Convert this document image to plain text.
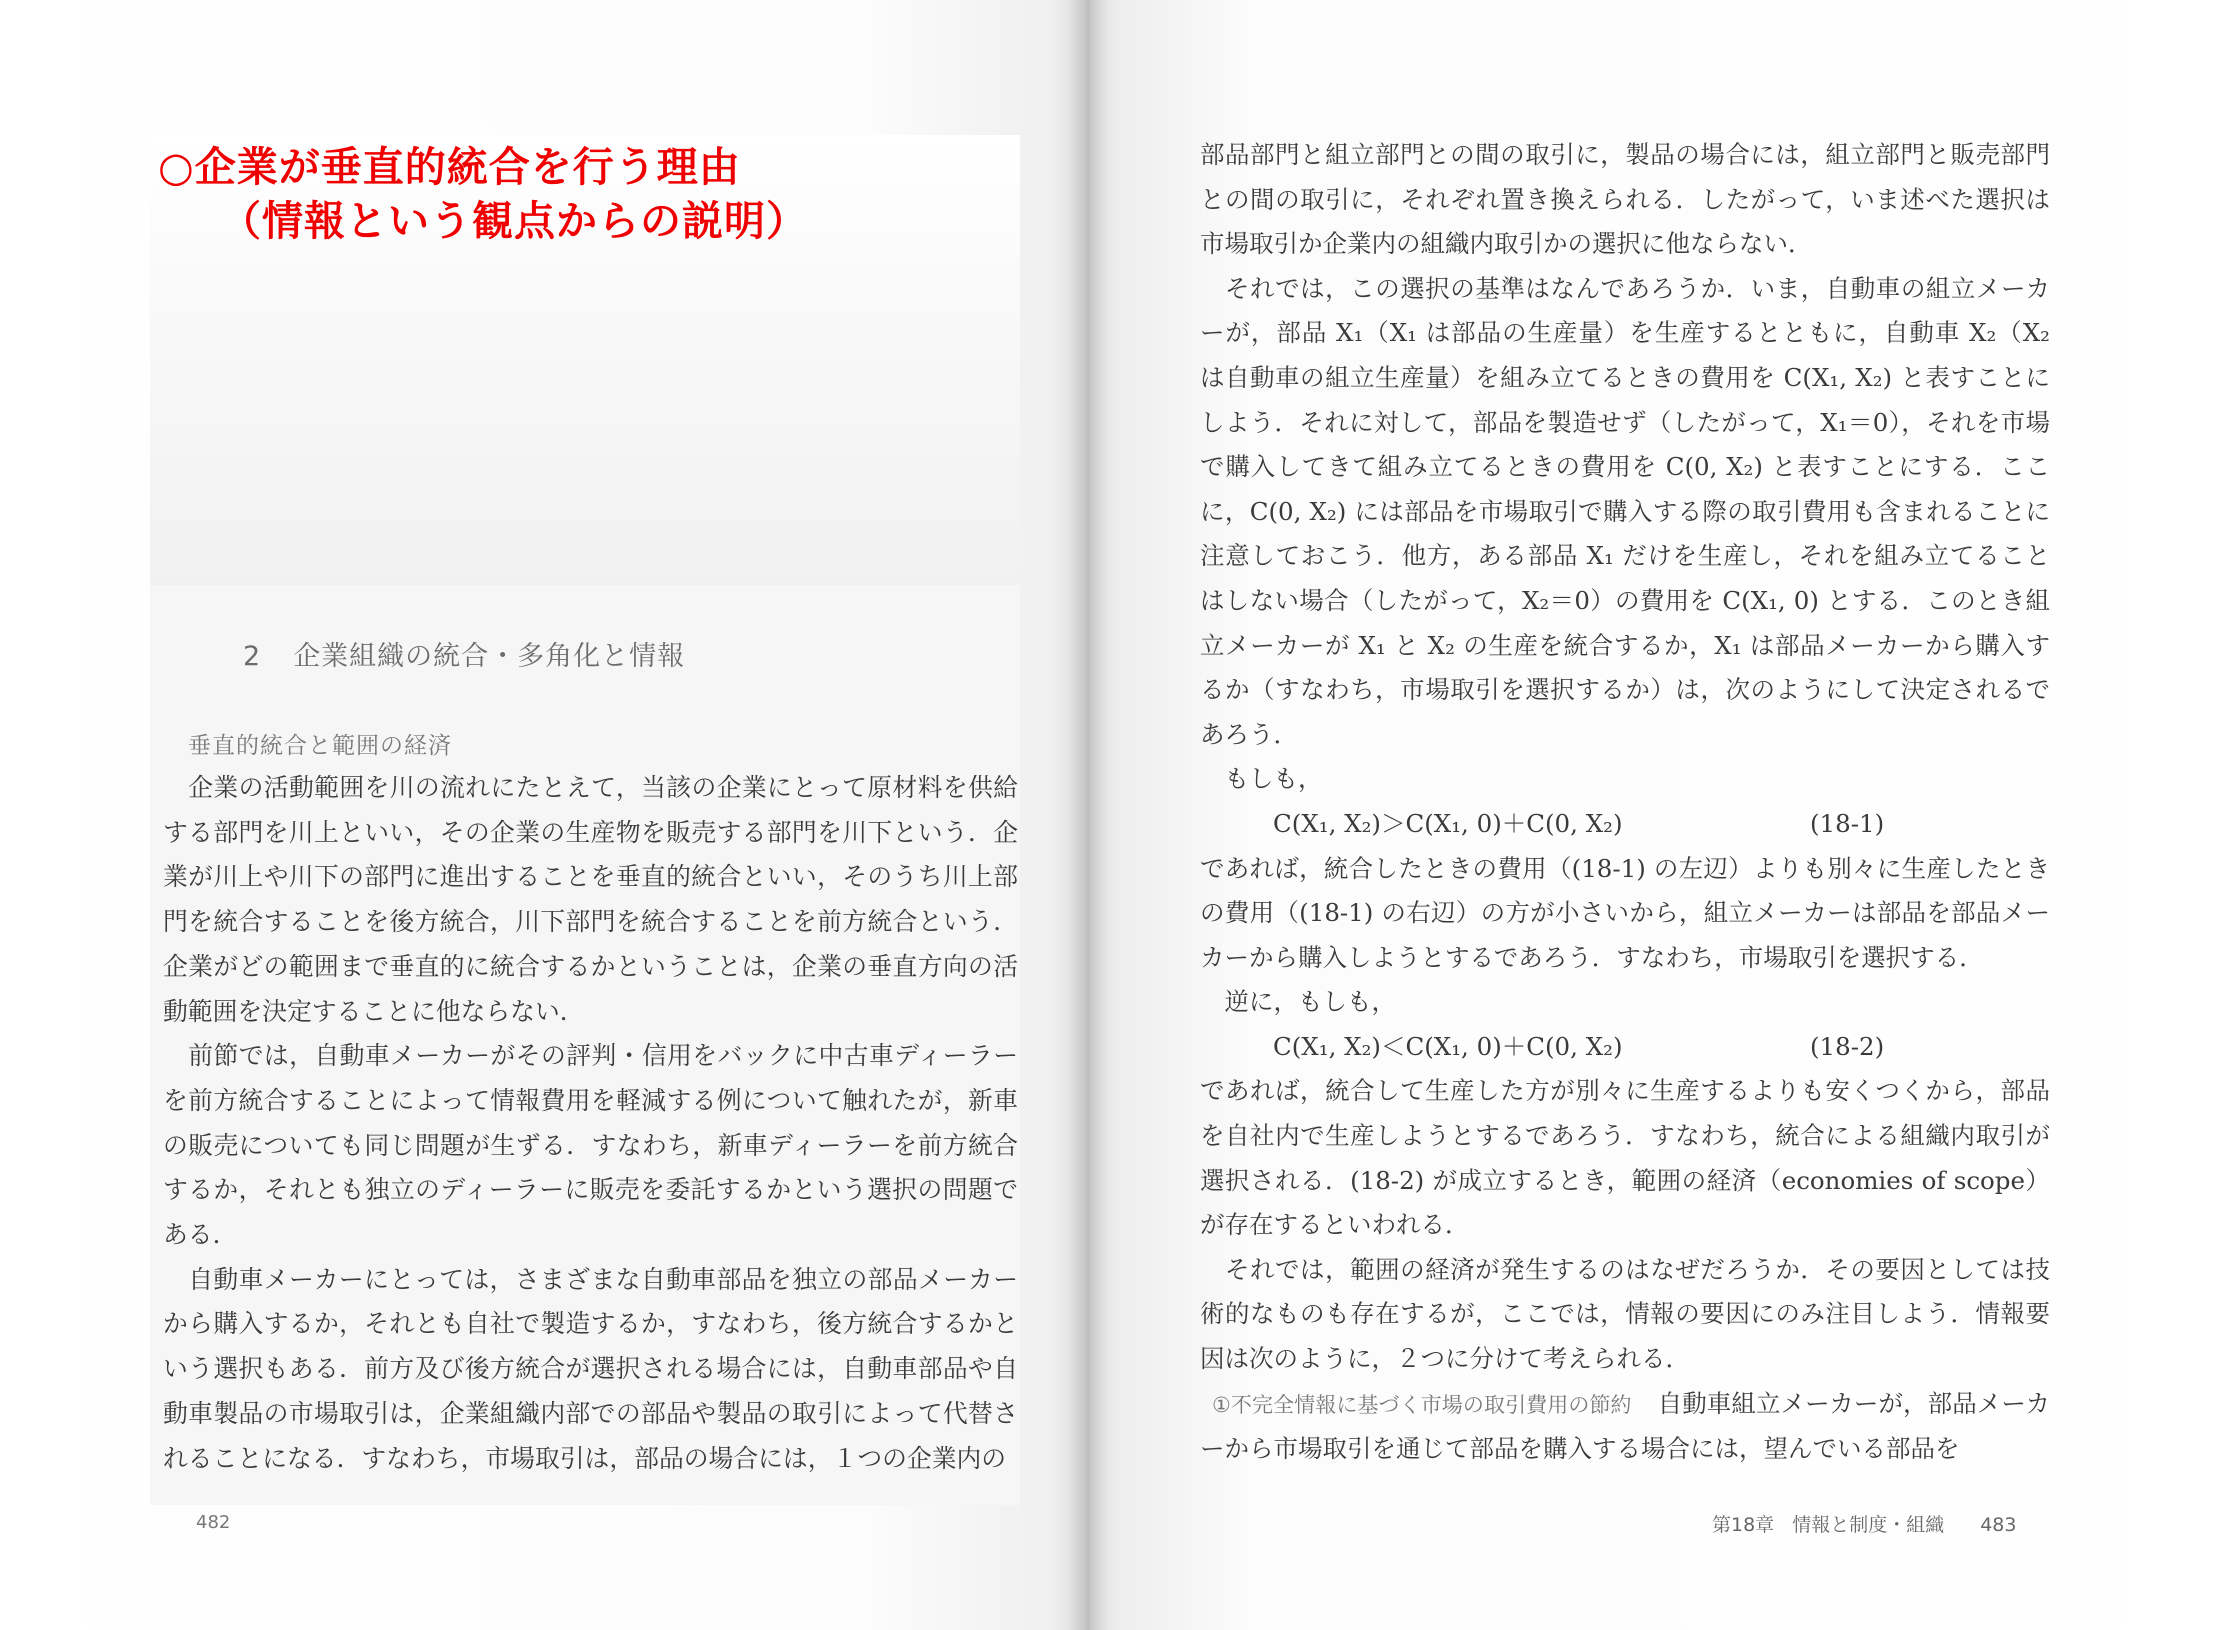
○企業が垂直的統合を行う理由
（情報という観点からの説明）
2 企業組織の統合・多角化と情報
垂直的統合と範囲の経済

　企業の活動範囲を川の流れにたとえて，当該の企業にとって原材料を供給する部門を川上といい，その企業の生産物を販売する部門を川下という．企業が川上や川下の部門に進出することを垂直的統合といい，そのうち川上部門を統合することを後方統合，川下部門を統合することを前方統合という．企業がどの範囲まで垂直的に統合するかということは，企業の垂直方向の活動範囲を決定することに他ならない．

　前節では，自動車メーカーがその評判・信用をバックに中古車ディーラーを前方統合することによって情報費用を軽減する例について触れたが，新車の販売についても同じ問題が生ずる．すなわち，新車ディーラーを前方統合するか，それとも独立のディーラーに販売を委託するかという選択の問題である．

　自動車メーカーにとっては，さまざまな自動車部品を独立の部品メーカーから購入するか，それとも自社で製造するか，すなわち，後方統合するかという選択もある．前方及び後方統合が選択される場合には，自動車部品や自動車製品の市場取引は，企業組織内部での部品や製品の取引によって代替されることになる．すなわち，市場取引は，部品の場合には，１つの企業内の

482

部品部門と組立部門との間の取引に，製品の場合には，組立部門と販売部門との間の取引に，それぞれ置き換えられる．したがって，いま述べた選択は市場取引か企業内の組織内取引かの選択に他ならない．

　それでは，この選択の基準はなんであろうか．いま，自動車の組立メーカーが，部品 X₁（X₁ は部品の生産量）を生産するとともに，自動車 X₂（X₂ は自動車の組立生産量）を組み立てるときの費用を C(X₁, X₂) と表すことにしよう．それに対して，部品を製造せず（したがって，X₁＝0），それを市場で購入してきて組み立てるときの費用を C(0, X₂) と表すことにする．ここに，C(0, X₂) には部品を市場取引で購入する際の取引費用も含まれることに注意しておこう．他方，ある部品 X₁ だけを生産し，それを組み立てることはしない場合（したがって，X₂＝0）の費用を C(X₁, 0) とする．このとき組立メーカーが X₁ と X₂ の生産を統合するか，X₁ は部品メーカーから購入するか（すなわち，市場取引を選択するか）は，次のようにして決定されるであろう．

　もしも，

C(X₁, X₂)＞C(X₁, 0)＋C(0, X₂)	(18-1)

であれば，統合したときの費用（(18-1) の左辺）よりも別々に生産したときの費用（(18-1) の右辺）の方が小さいから，組立メーカーは部品を部品メーカーから購入しようとするであろう．すなわち，市場取引を選択する．

　逆に，もしも，

C(X₁, X₂)＜C(X₁, 0)＋C(0, X₂)	(18-2)

であれば，統合して生産した方が別々に生産するよりも安くつくから，部品を自社内で生産しようとするであろう．すなわち，統合による組織内取引が選択される．(18-2) が成立するとき，範囲の経済（economies of scope）が存在するといわれる．

　それでは，範囲の経済が発生するのはなぜだろうか．その要因としては技術的なものも存在するが，ここでは，情報の要因にのみ注目しよう．情報要因は次のように，２つに分けて考えられる．

①不完全情報に基づく市場の取引費用の節約 自動車組立メーカーが，部品メーカーから市場取引を通じて部品を購入する場合には，望んでいる部品を

第18章 情報と制度・組織 483
